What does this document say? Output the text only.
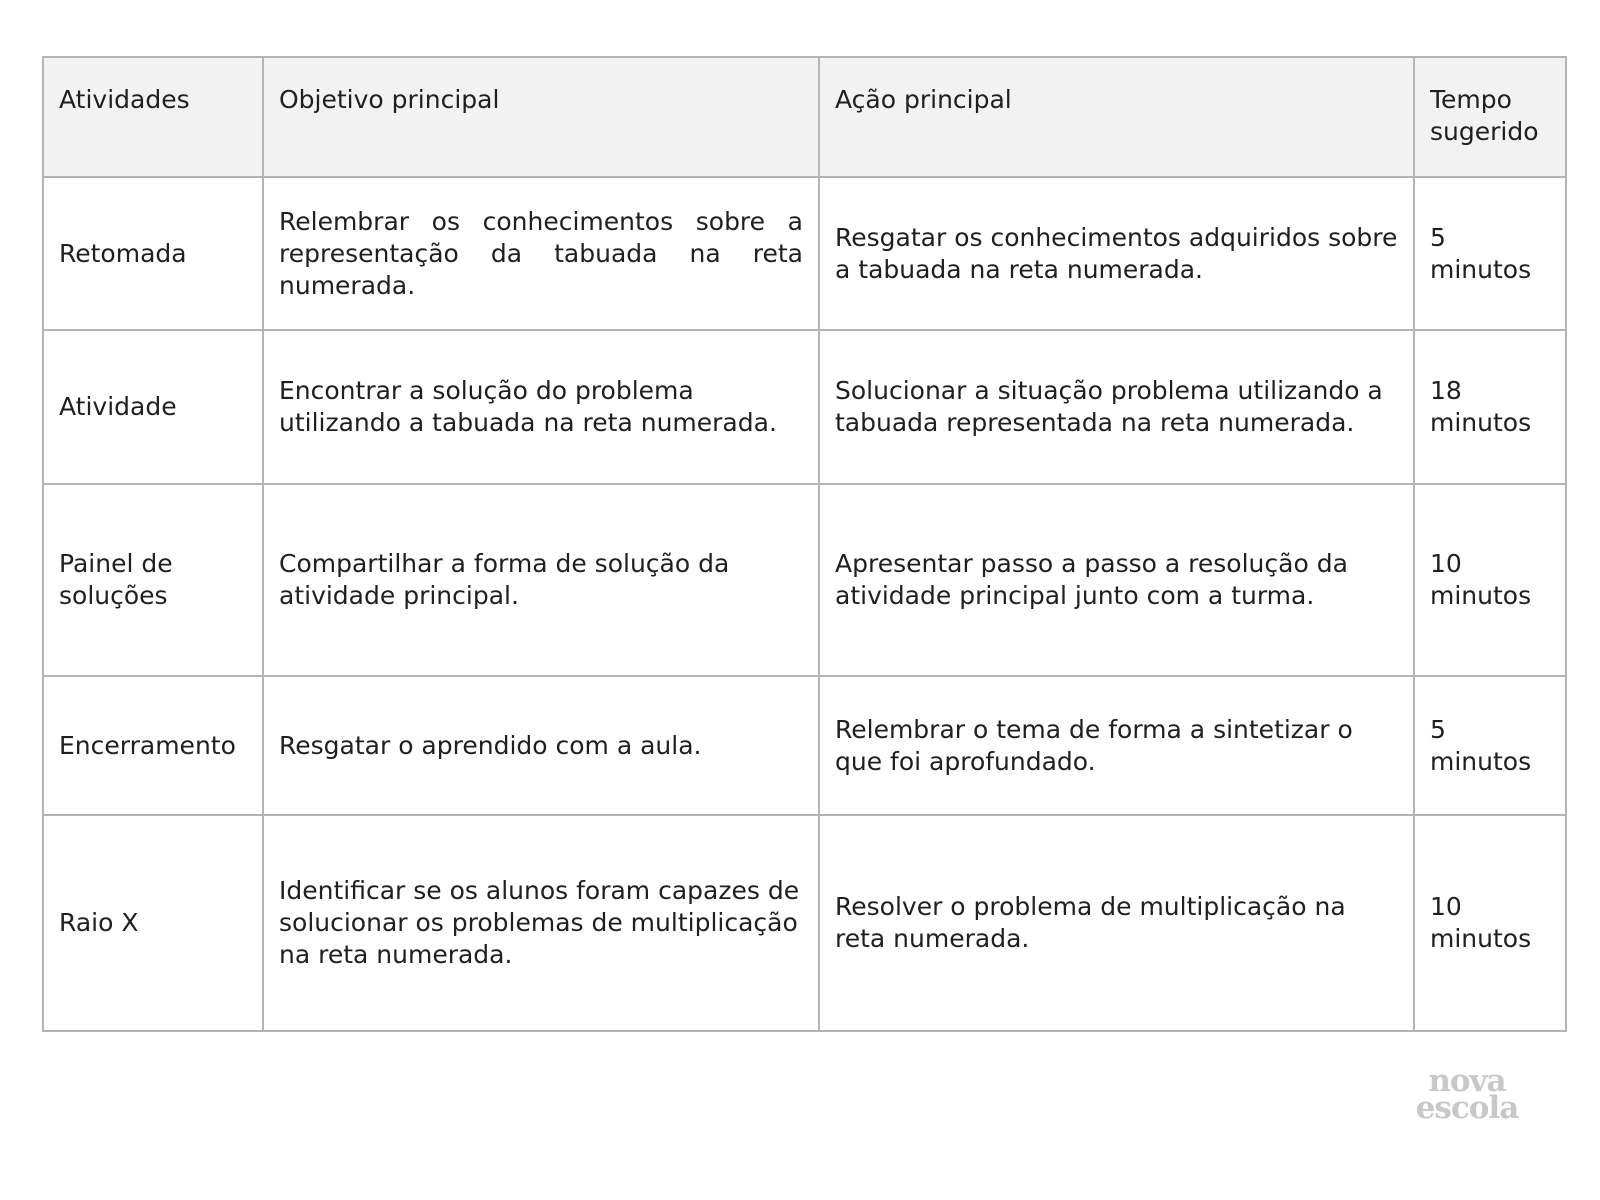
Atividades	Objetivo principal	Ação principal	Tempo sugerido
Retomada	Relembrar os conhecimentos sobre a representação da tabuada na reta numerada.	Resgatar os conhecimentos adquiridos sobre a tabuada na reta numerada.	5 minutos
Atividade	Encontrar a solução do problema utilizando a tabuada na reta numerada.	Solucionar a situação problema utilizando a tabuada representada na reta numerada.	18 minutos
Painel de soluções	Compartilhar a forma de solução da atividade principal.	Apresentar passo a passo a resolução da atividade principal junto com a turma.	10 minutos
Encerramento	Resgatar o aprendido com a aula.	Relembrar o tema de forma a sintetizar o que foi aprofundado.	5 minutos
Raio X	Identificar se os alunos foram capazes de solucionar os problemas de multiplicação na reta numerada.	Resolver o problema de multiplicação na reta numerada.	10 minutos
nova
escola
